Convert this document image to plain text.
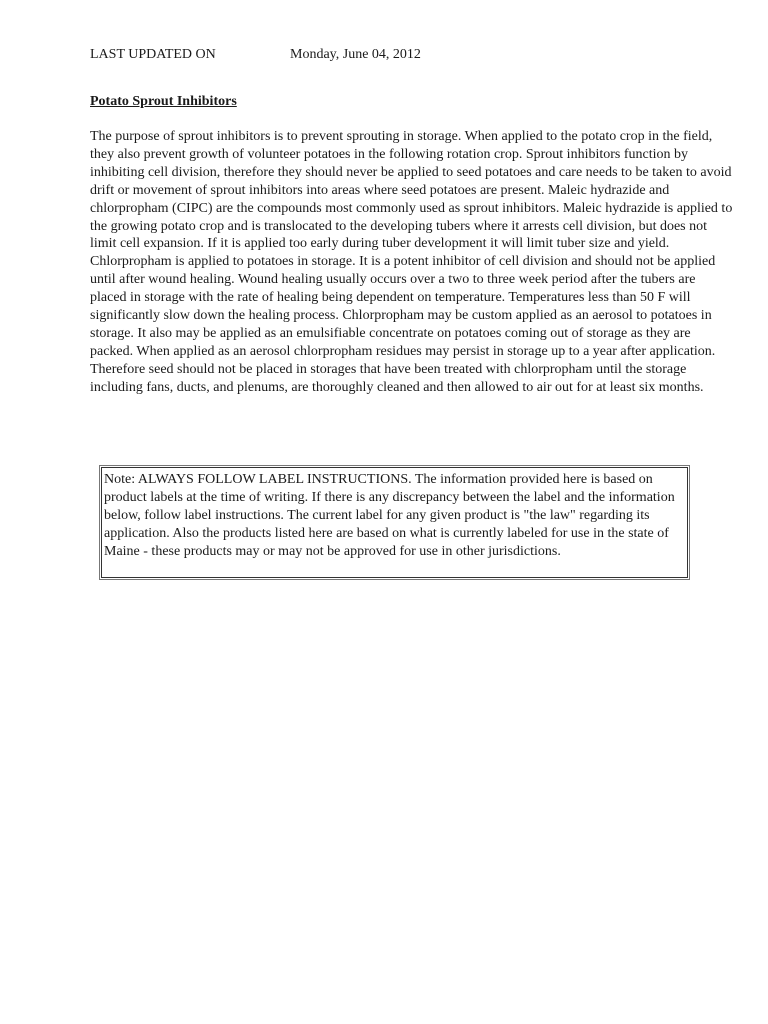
LAST UPDATED ON	Monday, June 04, 2012
Potato Sprout Inhibitors

The purpose of sprout inhibitors is to prevent sprouting in storage. When applied to the potato crop in the field, they also prevent growth of volunteer potatoes in the following rotation crop. Sprout inhibitors function by inhibiting cell division, therefore they should never be applied to seed potatoes and care needs to be taken to avoid drift or movement of sprout inhibitors into areas where seed potatoes are present. Maleic hydrazide and chlorpropham (CIPC) are the compounds most commonly used as sprout inhibitors. Maleic hydrazide is applied to the growing potato crop and is translocated to the developing tubers where it arrests cell division, but does not limit cell expansion. If it is applied too early during tuber development it will limit tuber size and yield. Chlorpropham is applied to potatoes in storage. It is a potent inhibitor of cell division and should not be applied until after wound healing. Wound healing usually occurs over a two to three week period after the tubers are placed in storage with the rate of healing being dependent on temperature. Temperatures less than 50 F will significantly slow down the healing process. Chlorpropham may be custom applied as an aerosol to potatoes in storage. It also may be applied as an emulsifiable concentrate on potatoes coming out of storage as they are packed. When applied as an aerosol chlorpropham residues may persist in storage up to a year after application. Therefore seed should not be placed in storages that have been treated with chlorpropham until the storage including fans, ducts, and plenums, are thoroughly cleaned and then allowed to air out for at least six months.

Note: ALWAYS FOLLOW LABEL INSTRUCTIONS. The information provided here is based on product labels at the time of writing. If there is any discrepancy between the label and the information below, follow label instructions. The current label for any given product is "the law" regarding its application. Also the products listed here are based on what is currently labeled for use in the state of Maine - these products may or may not be approved for use in other jurisdictions.
